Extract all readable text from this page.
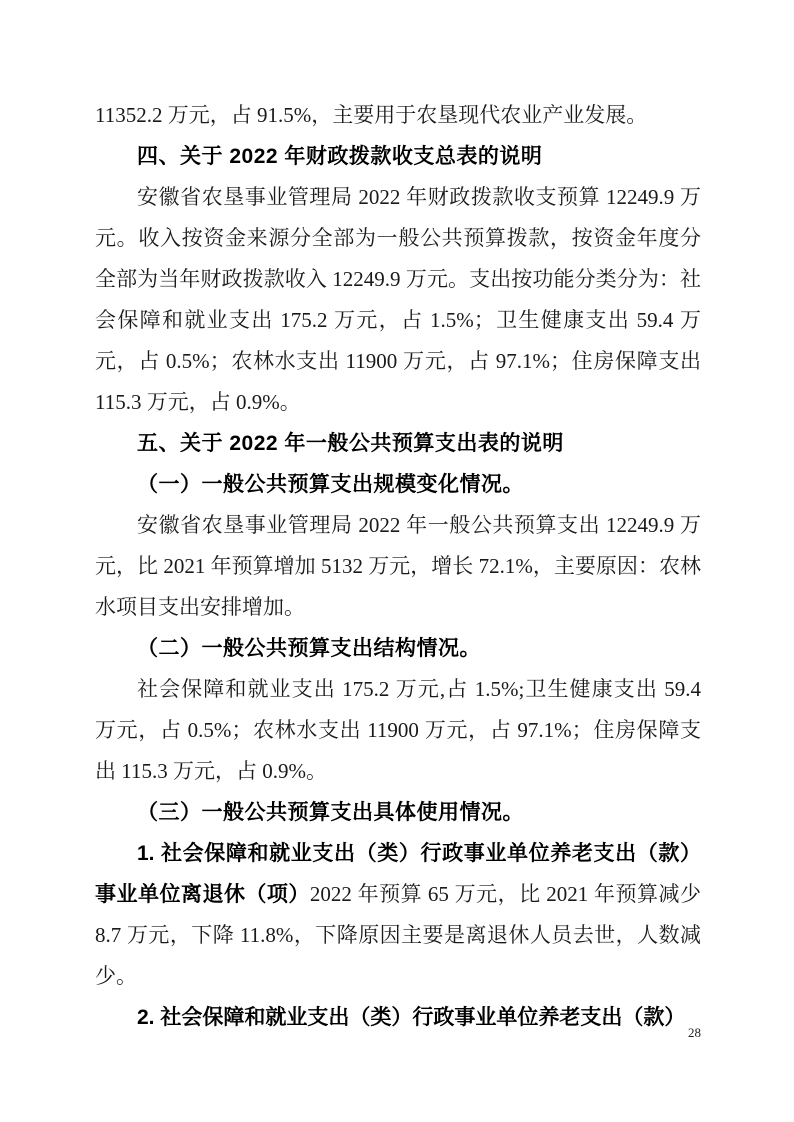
11352.2 万元，占 91.5%，主要用于农垦现代农业产业发展。

四、关于 2022 年财政拨款收支总表的说明

安徽省农垦事业管理局 2022 年财政拨款收支预算 12249.9 万元。收入按资金来源分全部为一般公共预算拨款，按资金年度分全部为当年财政拨款收入 12249.9 万元。支出按功能分类分为：社会保障和就业支出 175.2 万元，占 1.5%；卫生健康支出 59.4 万元，占 0.5%；农林水支出 11900 万元，占 97.1%；住房保障支出 115.3 万元，占 0.9%。

五、关于 2022 年一般公共预算支出表的说明
（一）一般公共预算支出规模变化情况。

安徽省农垦事业管理局 2022 年一般公共预算支出 12249.9 万元，比 2021 年预算增加 5132 万元，增长 72.1%，主要原因：农林水项目支出安排增加。

（二）一般公共预算支出结构情况。

社会保障和就业支出 175.2 万元,占 1.5%;卫生健康支出 59.4 万元，占 0.5%；农林水支出 11900 万元，占 97.1%；住房保障支出 115.3 万元，占 0.9%。

（三）一般公共预算支出具体使用情况。

1. 社会保障和就业支出（类）行政事业单位养老支出（款）事业单位离退休（项）2022 年预算 65 万元，比 2021 年预算减少 8.7 万元，下降 11.8%，下降原因主要是离退休人员去世，人数减少。

2. 社会保障和就业支出（类）行政事业单位养老支出（款）

28
